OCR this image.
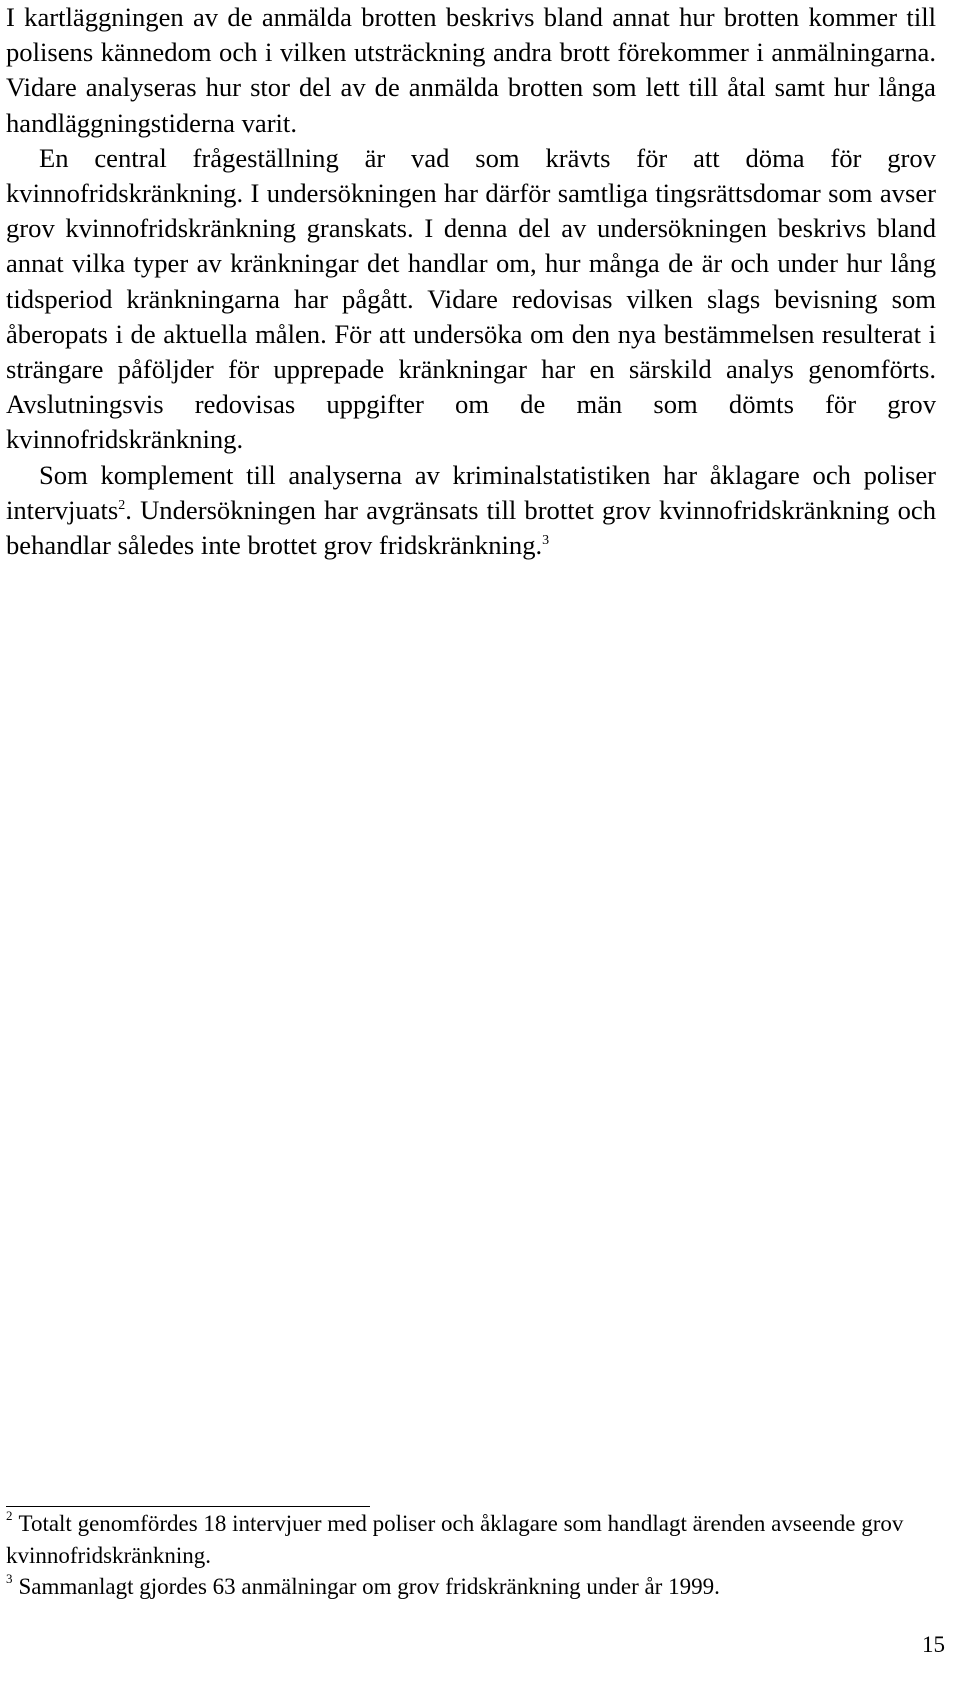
I kartläggningen av de anmälda brotten beskrivs bland annat hur brotten kommer till polisens kännedom och i vilken utsträckning andra brott förekommer i anmälningarna. Vidare analyseras hur stor del av de anmälda brotten som lett till åtal samt hur långa handläggningstiderna varit.

En central frågeställning är vad som krävts för att döma för grov kvinnofridskränkning. I undersökningen har därför samtliga tingsrättsdomar som avser grov kvinnofridskränkning granskats. I denna del av undersökningen beskrivs bland annat vilka typer av kränkningar det handlar om, hur många de är och under hur lång tidsperiod kränkningarna har pågått. Vidare redovisas vilken slags bevisning som åberopats i de aktuella målen. För att undersöka om den nya bestämmelsen resulterat i strängare påföljder för upprepade kränkningar har en särskild analys genomförts. Avslutningsvis redovisas uppgifter om de män som dömts för grov kvinnofridskränkning.

Som komplement till analyserna av kriminalstatistiken har åklagare och poliser intervjuats$^2$. Undersökningen har avgränsats till brottet grov kvinnofridskränkning och behandlar således inte brottet grov fridskränkning.$^3$

$^2$ Totalt genomfördes 18 intervjuer med poliser och åklagare som handlagt ärenden avseende grov kvinnofridskränkning.

$^3$ Sammanlagt gjordes 63 anmälningar om grov fridskränkning under år 1999.

15
